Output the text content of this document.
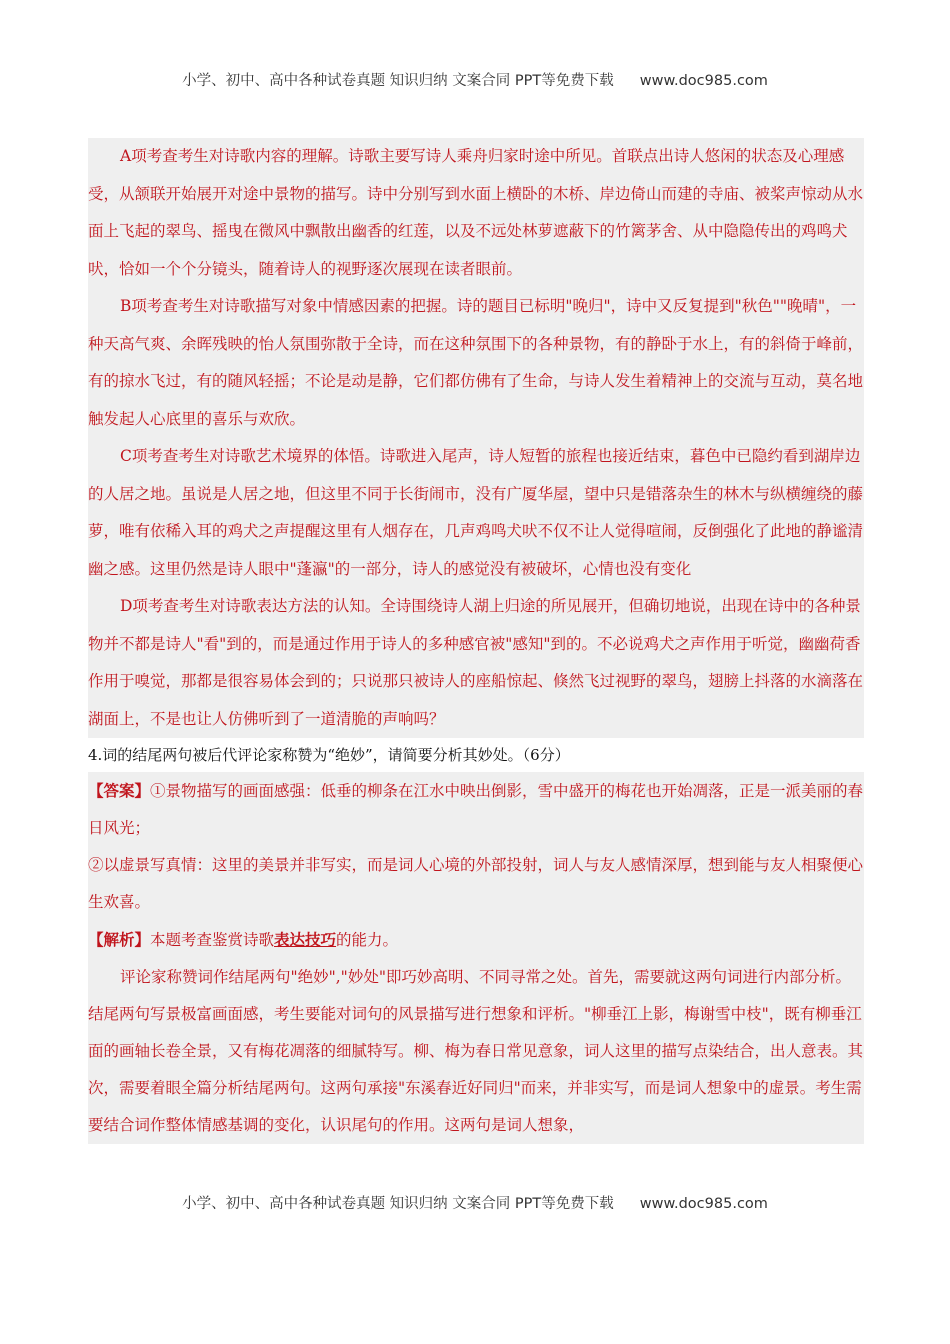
小学、初中、高中各种试卷真题 知识归纳 文案合同 PPT等免费下载 www.doc985.com

A项考查考生对诗歌内容的理解。诗歌主要写诗人乘舟归家时途中所见。首联点出诗人悠闲的状态及心理感受，从颔联开始展开对途中景物的描写。诗中分别写到水面上横卧的木桥、岸边倚山而建的寺庙、被桨声惊动从水面上飞起的翠鸟、摇曳在微风中飘散出幽香的红莲，以及不远处林萝遮蔽下的竹篱茅舍、从中隐隐传出的鸡鸣犬吠，恰如一个个分镜头，随着诗人的视野逐次展现在读者眼前。

B项考查考生对诗歌描写对象中情感因素的把握。诗的题目已标明"晚归"，诗中又反复提到"秋色""晚晴"，一种天高气爽、余晖残映的怡人氛围弥散于全诗，而在这种氛围下的各种景物，有的静卧于水上，有的斜倚于峰前，有的掠水飞过，有的随风轻摇；不论是动是静，它们都仿佛有了生命，与诗人发生着精神上的交流与互动，莫名地触发起人心底里的喜乐与欢欣。

C项考查考生对诗歌艺术境界的体悟。诗歌进入尾声，诗人短暂的旅程也接近结束，暮色中已隐约看到湖岸边的人居之地。虽说是人居之地，但这里不同于长街闹市，没有广厦华屋，望中只是错落杂生的林木与纵横缠绕的藤萝，唯有依稀入耳的鸡犬之声提醒这里有人烟存在，几声鸡鸣犬吠不仅不让人觉得喧闹，反倒强化了此地的静谧清幽之感。这里仍然是诗人眼中"蓬瀛"的一部分，诗人的感觉没有被破坏，心情也没有变化

D项考查考生对诗歌表达方法的认知。全诗围绕诗人湖上归途的所见展开，但确切地说，出现在诗中的各种景物并不都是诗人"看"到的，而是通过作用于诗人的多种感官被"感知"到的。不必说鸡犬之声作用于听觉，幽幽荷香作用于嗅觉，那都是很容易体会到的；只说那只被诗人的座船惊起、倏然飞过视野的翠鸟，翅膀上抖落的水滴落在湖面上，不是也让人仿佛听到了一道清脆的声响吗？

4.词的结尾两句被后代评论家称赞为“绝妙”，请简要分析其妙处。（6分）

【答案】①景物描写的画面感强：低垂的柳条在江水中映出倒影，雪中盛开的梅花也开始凋落，正是一派美丽的春日风光；

②以虚景写真情：这里的美景并非写实，而是词人心境的外部投射，词人与友人感情深厚，想到能与友人相聚便心生欢喜。

【解析】本题考查鉴赏诗歌表达技巧的能力。

评论家称赞词作结尾两句"绝妙","妙处"即巧妙高明、不同寻常之处。首先，需要就这两句词进行内部分析。结尾两句写景极富画面感，考生要能对词句的风景描写进行想象和评析。"柳垂江上影，梅谢雪中枝"，既有柳垂江面的画轴长卷全景，又有梅花凋落的细腻特写。柳、梅为春日常见意象，词人这里的描写点染结合，出人意表。其次，需要着眼全篇分析结尾两句。这两句承接"东溪春近好同归"而来，并非实写，而是词人想象中的虚景。考生需要结合词作整体情感基调的变化，认识尾句的作用。这两句是词人想象，

小学、初中、高中各种试卷真题 知识归纳 文案合同 PPT等免费下载 www.doc985.com
